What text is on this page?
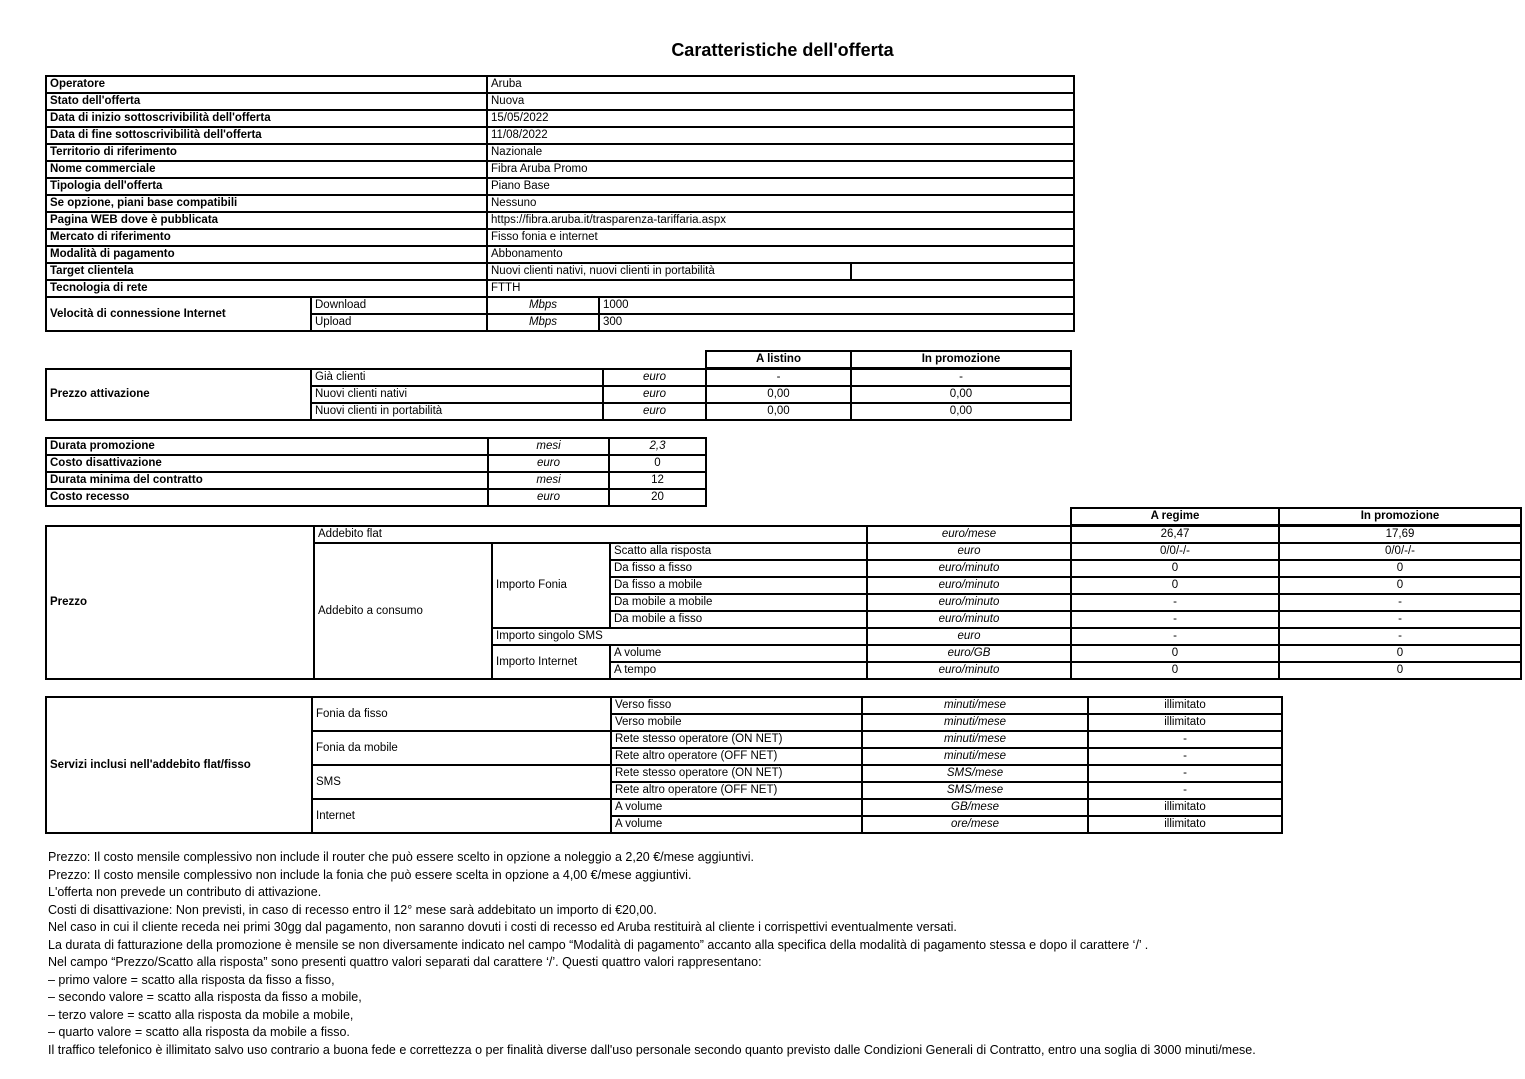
Caratteristiche dell'offerta
Operatore		Aruba		
Stato dell'offerta		Nuova		
Data di inizio sottoscrivibilità dell'offerta		15/05/2022		
Data di fine sottoscrivibilità dell'offerta		11/08/2022		
Territorio di riferimento		Nazionale		
Nome commerciale		Fibra Aruba Promo		
Tipologia dell'offerta		Piano Base		
Se opzione, piani base compatibili		Nessuno		
Pagina WEB dove è pubblicata		https://fibra.aruba.it/trasparenza-tariffaria.aspx		
Mercato di riferimento		Fisso fonia e internet		
Modalità di pagamento		Abbonamento		
Target clientela		Nuovi clienti nativi, nuovi clienti in portabilità		
Tecnologia di rete		FTTH		
Velocità di connessione Internet	Download	Mbps	1000	
	Upload	Mbps	300	
A listino	In promozione
Prezzo attivazione	Già clienti	euro	-	-
	Nuovi clienti nativi	euro	0,00	0,00
	Nuovi clienti in portabilità	euro	0,00	0,00
Durata promozione	mesi	2,3
Costo disattivazione	euro	0
Durata minima del contratto	mesi	12
Costo recesso	euro	20
A regime	In promozione
Prezzo	Addebito flat			euro/mese	26,47	17,69
	Addebito a consumo	Importo Fonia	Scatto alla risposta	euro	0/0/-/-	0/0/-/-
			Da fisso a fisso	euro/minuto	0	0
			Da fisso a mobile	euro/minuto	0	0
			Da mobile a mobile	euro/minuto	-	-
			Da mobile a fisso	euro/minuto	-	-
		Importo singolo SMS		euro	-	-
		Importo Internet	A volume	euro/GB	0	0
			A tempo	euro/minuto	0	0
Servizi inclusi nell'addebito flat/fisso	Fonia da fisso	Verso fisso	minuti/mese	illimitato
		Verso mobile	minuti/mese	illimitato
	Fonia da mobile	Rete stesso operatore (ON NET)	minuti/mese	-
		Rete altro operatore (OFF NET)	minuti/mese	-
	SMS	Rete stesso operatore (ON NET)	SMS/mese	-
		Rete altro operatore (OFF NET)	SMS/mese	-
	Internet	A volume	GB/mese	illimitato
		A volume	ore/mese	illimitato
Prezzo: Il costo mensile complessivo non include il router che può essere scelto in opzione a noleggio a 2,20 €/mese aggiuntivi.
Prezzo: Il costo mensile complessivo non include la fonia che può essere scelta in opzione a 4,00 €/mese aggiuntivi.
L'offerta non prevede un contributo di attivazione.
Costi di disattivazione: Non previsti, in caso di recesso entro il 12° mese sarà addebitato un importo di €20,00.
Nel caso in cui il cliente receda nei primi 30gg dal pagamento, non saranno dovuti i costi di recesso ed Aruba restituirà al cliente i corrispettivi eventualmente versati.
La durata di fatturazione della promozione è mensile se non diversamente indicato nel campo “Modalità di pagamento” accanto alla specifica della modalità di pagamento stessa e dopo il carattere ‘/’ .
Nel campo “Prezzo/Scatto alla risposta” sono presenti quattro valori separati dal carattere ‘/’. Questi quattro valori rappresentano:
– primo valore = scatto alla risposta da fisso a fisso,
– secondo valore = scatto alla risposta da fisso a mobile,
– terzo valore = scatto alla risposta da mobile a mobile,
– quarto valore = scatto alla risposta da mobile a fisso.
Il traffico telefonico è illimitato salvo uso contrario a buona fede e correttezza o per finalità diverse dall'uso personale secondo quanto previsto dalle Condizioni Generali di Contratto, entro una soglia di 3000 minuti/mese.
